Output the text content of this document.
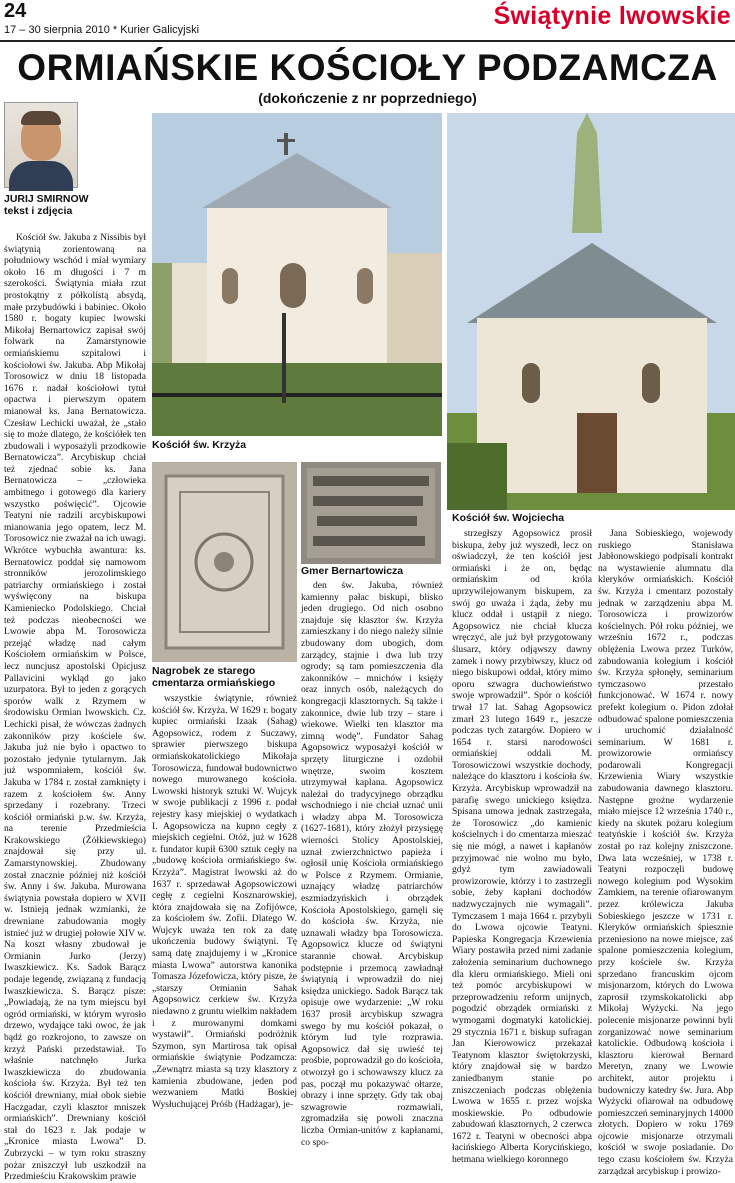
24
17 – 30 sierpnia 2010 * Kurier Galicyjski	Świątynie lwowskie
ORMIAŃSKIE KOŚCIOŁY PODZAMCZA
(dokończenie z nr poprzedniego)
JURIJ SMIRNOW
tekst i zdjęcia
Kościół św. Krzyża
Kościół św. Wojciecha
Gmer Bernartowicza
Nagrobek ze starego cmentarza ormiańskiego

Kościół św. Jakuba z Nissibis był świątynią zorientowaną na południowy wschód i miał wymiary około 16 m długości i 7 m szerokości. Świątynia miała rzut prostokątny z półkolistą absydą, małe przybudówki i babiniec. Około 1580 r. bogaty kupiec lwowski Mikołaj Bernartowicz zapisał swój folwark na Zamarstynowie ormiańskiemu szpitalowi i kościołowi św. Jakuba. Abp Mikołaj Torosowicz w dniu 18 listopada 1676 r. nadał kościołowi tytuł opactwa i pierwszym opatem mianował ks. Jana Bernatowicza. Czesław Lechicki uważał, że „stało się to może dlatego, że kościółek ten zbudowali i wyposażyli przodkowie Bernatowicza”. Arcybiskup chciał też zjednać sobie ks. Jana Bernatowicza – „człowieka ambitnego i gotowego dla kariery wszystko poświęcić”. Ojcowie Teatyni nie radzili arcybiskupowi mianowania jego opatem, lecz M. Torosowicz nie zważał na ich uwagi. Wkrótce wybuchła awantura: ks. Bernatowicz poddał się namowom stronników jerozolimskiego patriarchy ormiańskiego i został wyświęcony na biskupa Kamienieckо Podolskiego. Chciał też podczas nieobecności we Lwowie abpa M. Torosowicza przejąć władzę nad całym Kościołem ormiańskim w Polsce, lecz nuncjusz apostolski Opicjusz Pallavicini wykląd go jako uzurpatora. Był to jeden z gorących sporów walk z Rzymem w środowisku Ormian lwowskich. Cz. Lechicki pisał, że wówczas żadnych zakonników przy kościele św. Jakuba już nie było i opactwo to pozostało jedynie tytularnym. Jak już wspomniałem, kościół św. Jakuba w 1784 r. został zamknięty i razem z kościołem św. Anny sprzedany i rozebrany. Trzeci kościół ormiański p.w. św. Krzyża, na terenie Przedmieścia Krakowskiego (Żółkiewskiego) znajdował się przy ul. Zamarstynowskiej. Zbudowany został znacznie później niż kościół św. Anny i św. Jakuba. Murowana świątynia powstała dopiero w XVII w. Istnieją jednak wzmianki, że drewniane zabudowania mogły istnieć już w drugiej połowie XIV w. Na koszt własny zbudował je Ormianin Jurko (Jerzy) Iwaszkiewicz. Ks. Sadok Barącz podaje legendę, związaną z fundacją Iwaszkiewicza. S. Barącz pisze: „Powiadają, że na tym miejscu był ogród ormiański, w którym wyrosło drzewo, wydające taki owoc, że jak bądź go rozkrojono, to zawsze on krzyż Pański przedstawiał. To właśnie natchnęło Jurka Iwaszkiewicza do zbudowania kościoła św. Krzyża. Był też ten kościół drewniany, miał obok siebie Haczgadar, czyli klasztor mniszek ormiańskich”. Drewniany kościół stał do 1623 r. Jak podaje w „Kronice miasta Lwowa” D. Zubrzycki – w tym roku straszny pożar zniszczył lub uszkodził na Przedmieściu Krakowskim prawie

wszystkie świątynie, również kościół św. Krzyża. W 1629 r. bogaty kupiec ormiański Izaak (Sahag) Agopsowicz, rodem z Suczawy, sprawier pierwszego biskupa ormiańskokatolickiego Mikołaja Torosowicza, fundował budownictwo nowego murowanego kościoła. Lwowski historyk sztuki W. Wujcyk w swoje publikacji z 1996 r. podał rejestry kasy miejskiej o wydatkach I. Agopsowicza na kupno cegły z miejskich cegielni. Otóż, już w 1628 r. fundator kupił 6300 sztuk cegły na „budowę kościoła ormiańskiego św. Krzyża”. Magistrat lwowski aż do 1637 r. sprzedawał Agopsowiczowi cegłę z cegielni Kosznarowskiej, która znajdowała się na Zofijówce, za kościołem św. Zofii. Dlatego W. Wujcyk uważa ten rok za datę ukończenia budowy świątyni. Tę samą datę znajdujemy i w „Kronice miasta Lwowa” autorstwa kanonika Tomasza Józefowicza, który pisze, że „starszy Ormianin Sahak Agopsowicz cerkiew św. Krzyża niedawno z gruntu wielkim nakładem i z murowanymi domkami wystawił”. Ormiański podróżnik Szymon, syn Martirosa tak opisał ormiańskie świątynie Podzamcza: „Zewnątrz miasta są trzy klasztory z kamienia zbudowane, jeden pod wezwaniem Matki Boskiej Wysłuchującej Próśb (Hadżagar), je-

den św. Jakuba, również kamienny pałac biskupi, blisko jeden drugiego. Od nich osobno znajduje się klasztor św. Krzyża zamieszkany i do niego należy silnie zbudowany dom ubogich, dom zarządcy, stajnie i dwa lub trzy ogrody; są tam pomieszczenia dla zakonników – mnichów i księży oraz innych osób, należących do kongregacji klasztornych. Są także i zakonnice, dwie lub trzy – stare i wiekowe. Wielki ten klasztor ma zimną wodę”. Fundator Sahag Agopsowicz wyposażył kościół w sprzęty liturgiczne i ozdobił wnętrze, swoim kosztem utrzymywał kaplana. Agopsowicz należał do tradycyjnego obrządku wschodniego i nie chciał uznać unii i władzy abpa M. Torosowicza (1627-1681), który złożył przysięgę wierności Stolicy Apostolskiej, uznał zwierzchnictwo papieża i ogłosił unię Kościoła ormiańskiego w Polsce z Rzymem. Ormianie, uznający władzę patriarchów eszmiadzyńskich i obrządek Kościoła Apostolskiego, gamęli się do kościoła św. Krzyża, nie uznawali władzy bpa Torosowicza. Agopsowicz klucze od świątyni starannie chował. Arcybiskup podstępnie i przemocą zawładnął świątynią i wprowadził do niej księdza unickiego. Sadok Barącz tak opisuje owe wydarzenie: „W roku 1637 prosił arcybiskup szwagra swego by mu kościół pokazał, o którym lud tyle rozprawia. Agopsowicz dał się uwieść tej prośbie, poprowadził go do kościoła, otworzył go i schowawszy klucz za pas, począł mu pokazywać ołtarze, obrazy i inne sprzęty. Gdy tak obaj szwagrowie rozmawiali, zgromadziła się powoli znaczna liczba Ormian-unitów z kapłanami, co spo-

strzegłszy Agopsowicz prosił biskupa, żeby już wyszedł, lecz on oświadczył, że ten kościół jest ormiański i że on, będąc ormiańskim od króla uprzywilejowanym biskupem, za swój go uważa i żąda, żeby mu klucz oddał i ustąpił z niego. Agopsowicz nie chciał klucza wręczyć, ale już był przygotowany ślusarz, który odjąwszy dawny zamek i nowy przybiwszy, klucz od niego biskupowi oddał, który mimo oporu szwagra duchowieństwo swoje wprowadził”. Spór o kościół trwał 17 lat. Sahag Agopsowicz zmarł 23 lutego 1649 r., jeszcze podczas tych zatargów. Dopiero w 1654 r. starsi narodowości ormiańskiej oddali M. Torosowiczowi wszystkie dochody, należące do klasztoru i kościoła św. Krzyża. Arcybiskup wprowadził na parafię swego unickiego księdza. Spisana umowa jednak zastrzegała, że Torosowicz „do kamienic kościelnych i do cmentarza mieszać się nie mógł, a nawet i kapłanów przyjmować nie wolno mu było, gdyż tym zawiadowali prowizorowie, którzy i to zastrzegli sobie, żeby kapłani dochodów nadzwyczajnych nie wymagali”. Tymczasem 1 maja 1664 r. przybyli do Lwowa ojcowie Teatyni. Papieska Kongregacja Krzewienia Wiary postawiła przed nimi zadanie założenia seminarium duchownego dla kleru ormiańskiego. Mieli oni też pomóc arcybiskupowi w przeprowadzeniu reform unijnych, pogodzić obrządek ormiański z wymogami dogmatyki katolickiej. 29 stycznia 1671 r. biskup sufragan Jan Kierowowicz przekazał Teatynom klasztor świętokrzyski, który znajdował się w bardzo zaniedbanym stanie po zniszczeniach podczas oblężenia Lwowa w 1655 r. przez wojska moskiewskie. Po odbudowie zabudowań klasztornych, 2 czerwca 1672 r. Teatyni w obecności abpa łacińskiego Alberta Korycińskiego, hetmana wielkiego koronnego

Jana Sobieskiego, wojewody ruskiego Stanisława Jabłonowskiego podpisali kontrakt na wystawienie alumnatu dla kleryków ormiańskich. Kościół św. Krzyża i cmentarz pozostały jednak w zarządzeniu abpa M. Torosowicza i prowizorów kościelnych. Pół roku później, we wrześniu 1672 r., podczas oblężenia Lwowa przez Turków, zabudowania kolegium i kościół św. Krzyża spłonęły, seminarium tymczasowo przestało funkcjonować. W 1674 r. nowy prefekt kolegium o. Pidon zdołał odbudować spalone pomieszczenia i uruchomić działalność seminarium. W 1681 r. prowizorowie ormiańscy podarowali Kongregacji Krzewienia Wiary wszystkie zabudowania dawnego klasztoru. Następne groźne wydarzenie miało miejsce 12 września 1740 r., kiedy na skutek pożaru kolegium teatyńskie i kościół św. Krzyża został po raz kolejny zniszczone. Dwa lata wcześniej, w 1738 r. Teatyni rozpoczęli budowę nowego kolegium pod Wysokim Zamkiem, na terenie ofiarowanym przez królewicza Jakuba Sobieskiego jeszcze w 1731 r. Kleryków ormiańskich śpiesznie przeniesiono na nowe miejsce, zaś spalone pomieszczenia kolegium, przy kościele św. Krzyża sprzedano francuskim ojcom misjonarzom, których do Lwowa zaprosił rzymskokatolicki abp Mikołaj Wyżycki. Na jego polecenie misjonarze powinni byli zorganizować nowe seminarium katolickie. Odbudową kościoła i klasztoru kierował Bernard Meretyn, znany we Lwowie architekt, autor projektu i budowniczy katedry św. Jura. Abp Wyżycki ofiarował na odbudowę pomieszczeń seminaryjnych 14000 złotych. Dopiero w roku 1769 ojcowie misjonarze otrzymali kościół w swoje posiadanie. Do tego czasu kościołem św. Krzyża zarządzał arcybiskup i prowizo-
